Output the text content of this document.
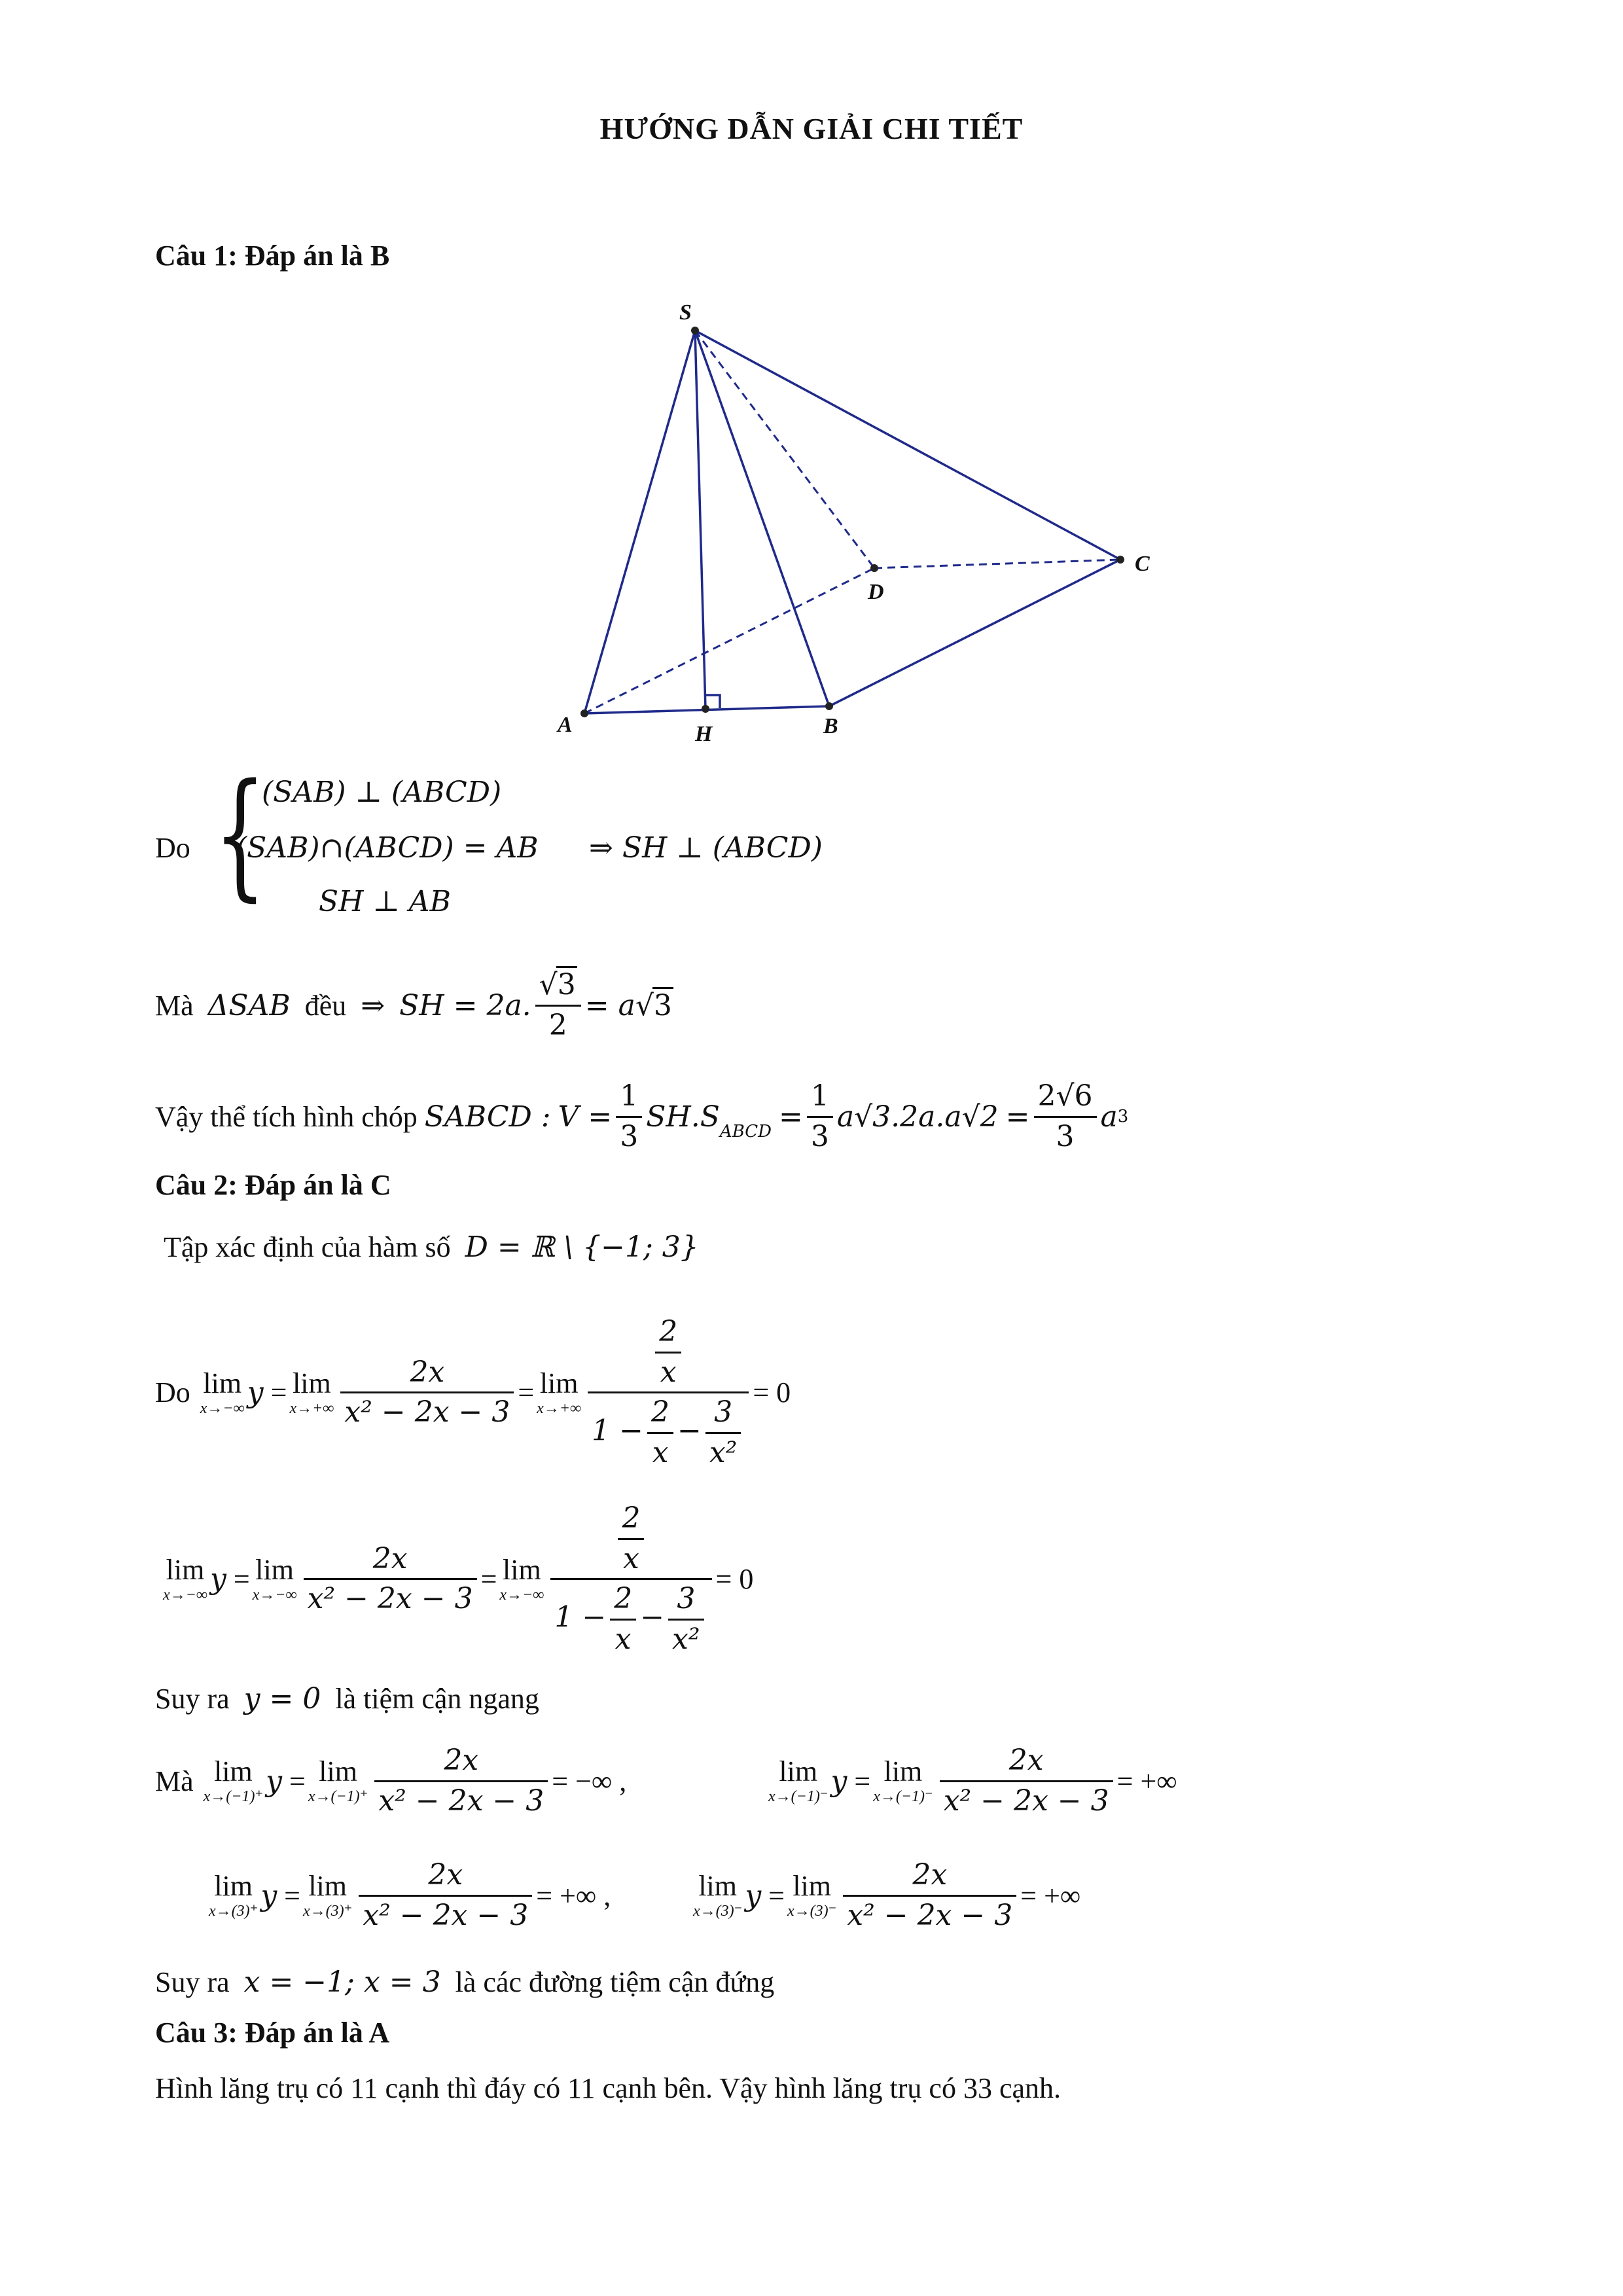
HƯỚNG DẪN GIẢI CHI TIẾT
Câu 1: Đáp án là B
S
A	H	B
C
D
Do {
(SAB) ⊥ (ABCD)
(SAB)∩(ABCD) = AB
SH ⊥ AB
⇒ SH ⊥ (ABCD)
Mà
ΔSAB
đều
⇒
SH = 2a. $\frac{√3}{2} = a$ √3
Vậy thể tích hình chóp
SABCD :
$V = \frac{1}{3} SH.S$ ABCD
= $\frac{1}{3} a√3.2a.a√2$
= $\frac{2√6}{3}$ a 3
Câu 2: Đáp án là C
Tập xác định của hàm số
D = ℝ \ {−1; 3}
Do
lim
x→−∞ y
= lim
$x\to+\infty \frac{2x}{\text{x² − 2x − 3}} = \lim$
$x\to+\infty \frac{\frac{2}{x}}{1 - \frac{2}{x} - \frac{3}{\text{x²}}} = 0$
lim
x→−∞ y
= lim
$x\to-\infty \frac{2x}{\text{x² − 2x − 3}} = \lim$
$x\to-\infty \frac{\frac{2}{x}}{1 - \frac{2}{x} - \frac{3}{\text{x²}}} = 0$
Suy ra
y = 0
là tiệm cận ngang
Mà
lim
x→(−1)⁺ y
= lim
$x\to(-1)^+ \frac{2x}{\text{x² − 2x − 3}}$ = −∞ ,	lim
x→(−1)⁻ y
= lim
$x\to(-1)^- \frac{2x}{\text{x² − 2x − 3}}$ = +∞
lim
x→(3)⁺ y
= lim
$x\to(3)^+ \frac{2x}{\text{x² − 2x − 3}}$ = +∞ ,	lim
x→(3)⁻ y
= lim
$x\to(3)^- \frac{2x}{\text{x² − 2x − 3}}$ = +∞
Suy ra
x = −1; x = 3
là các đường tiệm cận đứng
Câu 3: Đáp án là A
Hình lăng trụ có 11 cạnh thì đáy có 11 cạnh bên. Vậy hình lăng trụ có 33 cạnh.
